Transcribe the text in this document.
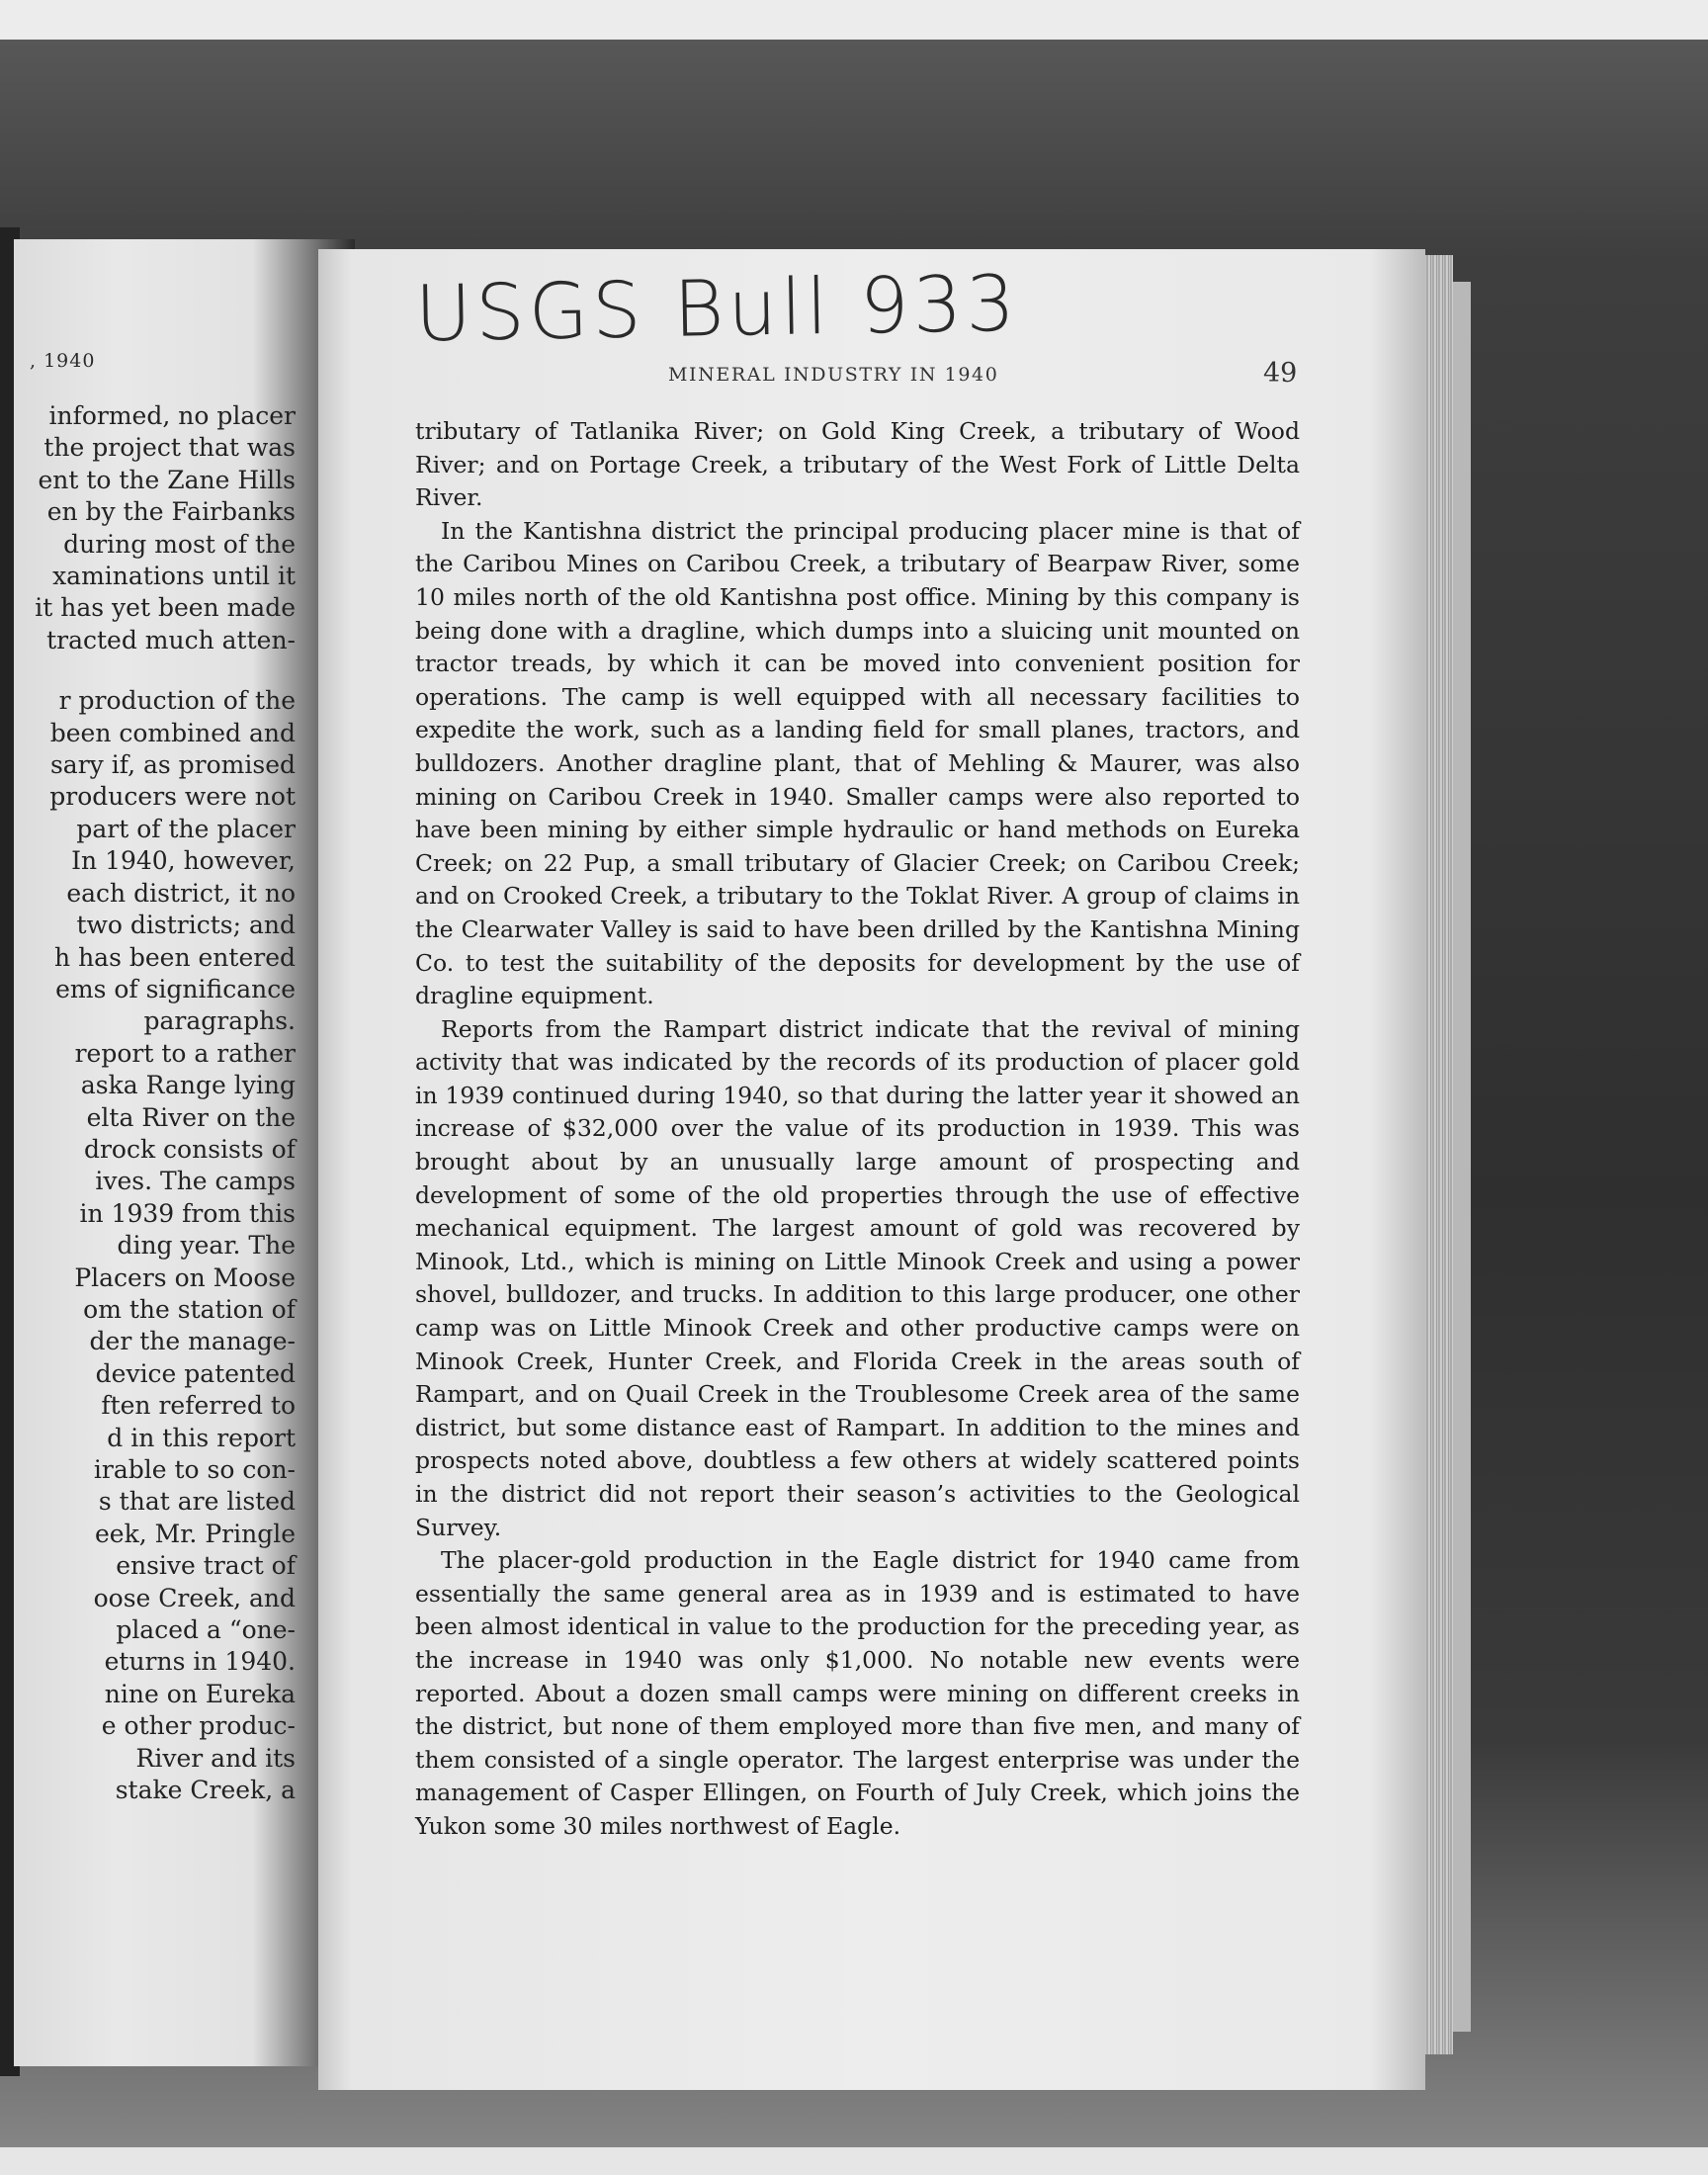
, 1940
informed, no placer
the project that was
ent to the Zane Hills
en by the Fairbanks
during most of the
xaminations until it
it has yet been made
tracted much atten-
r production of the
been combined and
sary if, as promised
producers were not
part of the placer
In 1940, however,
each district, it no
two districts; and
h has been entered
ems of significance
paragraphs.
report to a rather
aska Range lying
elta River on the
drock consists of
ives. The camps
in 1939 from this
ding year. The
Placers on Moose
om the station of
der the manage-
device patented
ften referred to
d in this report
irable to so con-
s that are listed
eek, Mr. Pringle
ensive tract of
oose Creek, and
placed a “one-
eturns in 1940.
nine on Eureka
e other produc-
River and its
stake Creek, a
USGS Bull 933
MINERAL INDUSTRY IN 1940	49

tributary of Tatlanika River; on Gold King Creek, a tributary of Wood River; and on Portage Creek, a tributary of the West Fork of Little Delta River.

In the Kantishna district the principal producing placer mine is that of the Caribou Mines on Caribou Creek, a tributary of Bearpaw River, some 10 miles north of the old Kantishna post office. Mining by this company is being done with a dragline, which dumps into a sluicing unit mounted on tractor treads, by which it can be moved into convenient position for operations. The camp is well equipped with all necessary facilities to expedite the work, such as a landing field for small planes, tractors, and bulldozers. Another dragline plant, that of Mehling & Maurer, was also mining on Caribou Creek in 1940. Smaller camps were also reported to have been mining by either simple hydraulic or hand methods on Eureka Creek; on 22 Pup, a small tributary of Glacier Creek; on Caribou Creek; and on Crooked Creek, a tributary to the Toklat River. A group of claims in the Clearwater Valley is said to have been drilled by the Kantishna Mining Co. to test the suitability of the deposits for development by the use of dragline equipment.

Reports from the Rampart district indicate that the revival of mining activity that was indicated by the records of its production of placer gold in 1939 continued during 1940, so that during the latter year it showed an increase of $32,000 over the value of its production in 1939. This was brought about by an unusually large amount of prospecting and development of some of the old properties through the use of effective mechanical equipment. The largest amount of gold was recovered by Minook, Ltd., which is mining on Little Minook Creek and using a power shovel, bulldozer, and trucks. In addition to this large producer, one other camp was on Little Minook Creek and other productive camps were on Minook Creek, Hunter Creek, and Florida Creek in the areas south of Rampart, and on Quail Creek in the Troublesome Creek area of the same district, but some distance east of Rampart. In addition to the mines and prospects noted above, doubtless a few others at widely scattered points in the district did not report their season’s activities to the Geological Survey.

The placer-gold production in the Eagle district for 1940 came from essentially the same general area as in 1939 and is estimated to have been almost identical in value to the production for the preceding year, as the increase in 1940 was only $1,000. No notable new events were reported. About a dozen small camps were mining on different creeks in the district, but none of them employed more than five men, and many of them consisted of a single operator. The largest enterprise was under the management of Casper Ellingen, on Fourth of July Creek, which joins the Yukon some 30 miles northwest of Eagle.
